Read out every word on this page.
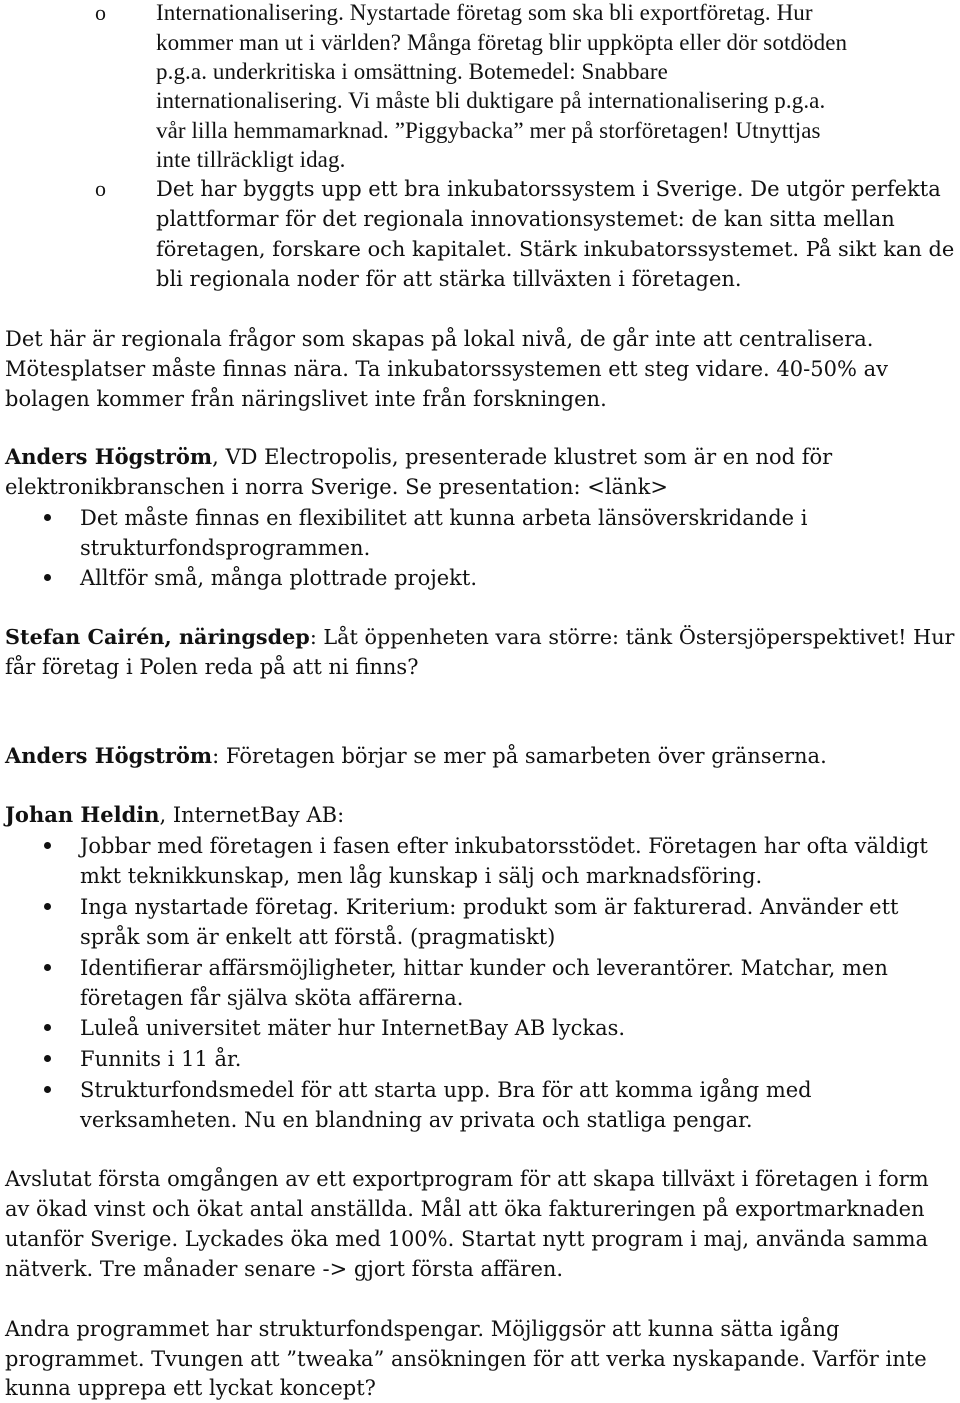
o Internationalisering. Nystartade företag som ska bli exportföretag. Hur
kommer man ut i världen? Många företag blir uppköpta eller dör sotdöden
p.g.a. underkritiska i omsättning. Botemedel: Snabbare
internationalisering. Vi måste bli duktigare på internationalisering p.g.a.
vår lilla hemmamarknad. ”Piggybacka” mer på storföretagen! Utnyttjas
inte tillräckligt idag.
o Det har byggts upp ett bra inkubatorssystem i Sverige. De utgör perfekta
plattformar för det regionala innovationsystemet: de kan sitta mellan
företagen, forskare och kapitalet. Stärk inkubatorssystemet. På sikt kan de
bli regionala noder för att stärka tillväxten i företagen.
Det här är regionala frågor som skapas på lokal nivå, de går inte att centralisera.
Mötesplatser måste finnas nära. Ta inkubatorssystemen ett steg vidare. 40-50% av
bolagen kommer från näringslivet inte från forskningen.
Anders Högström, VD Electropolis, presenterade klustret som är en nod för
elektronikbranschen i norra Sverige. Se presentation: <länk>
Det måste finnas en flexibilitet att kunna arbeta länsöverskridande i
strukturfondsprogrammen.
Alltför små, många plottrade projekt.
Stefan Cairén, näringsdep: Låt öppenheten vara större: tänk Östersjöperspektivet! Hur
får företag i Polen reda på att ni finns?
Anders Högström: Företagen börjar se mer på samarbeten över gränserna.
Johan Heldin, InternetBay AB:
Jobbar med företagen i fasen efter inkubatorsstödet. Företagen har ofta väldigt
mkt teknikkunskap, men låg kunskap i sälj och marknadsföring.
Inga nystartade företag. Kriterium: produkt som är fakturerad. Använder ett
språk som är enkelt att förstå. (pragmatiskt)
Identifierar affärsmöjligheter, hittar kunder och leverantörer. Matchar, men
företagen får själva sköta affärerna.
Luleå universitet mäter hur InternetBay AB lyckas.
Funnits i 11 år.
Strukturfondsmedel för att starta upp. Bra för att komma igång med
verksamheten. Nu en blandning av privata och statliga pengar.
Avslutat första omgången av ett exportprogram för att skapa tillväxt i företagen i form
av ökad vinst och ökat antal anställda. Mål att öka faktureringen på exportmarknaden
utanför Sverige. Lyckades öka med 100%. Startat nytt program i maj, använda samma
nätverk. Tre månader senare -> gjort första affären.
Andra programmet har strukturfondspengar. Möjliggsör att kunna sätta igång
programmet. Tvungen att ”tweaka” ansökningen för att verka nyskapande. Varför inte
kunna upprepa ett lyckat koncept?
